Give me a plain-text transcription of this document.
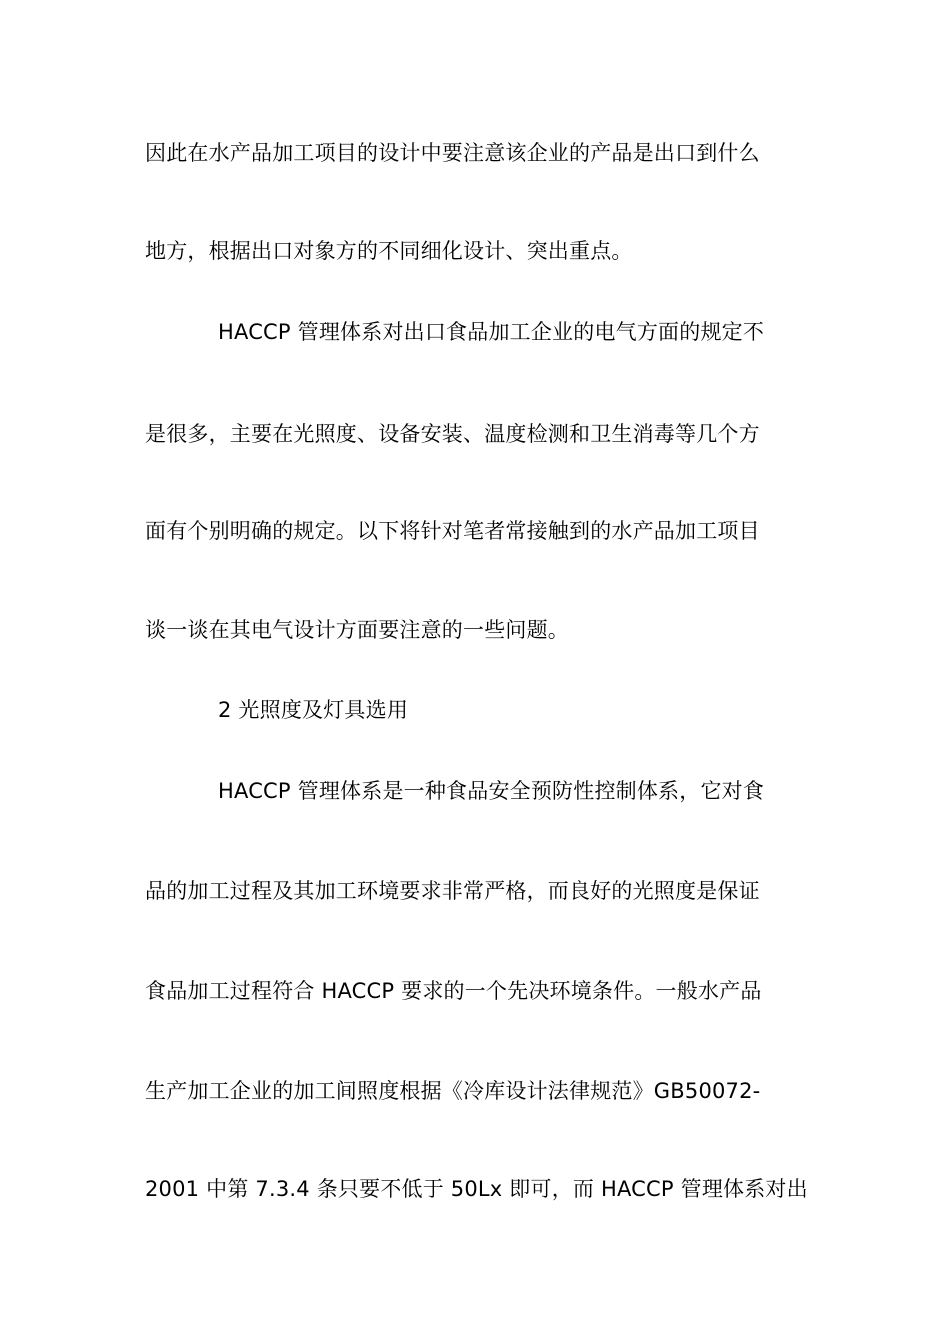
因此在水产品加工项目的设计中要注意该企业的产品是出口到什么
地方，根据出口对象方的不同细化设计、突出重点。
HACCP 管理体系对出口食品加工企业的电气方面的规定不
是很多，主要在光照度、设备安装、温度检测和卫生消毒等几个方
面有个别明确的规定。以下将针对笔者常接触到的水产品加工项目
谈一谈在其电气设计方面要注意的一些问题。
2 光照度及灯具选用
HACCP 管理体系是一种食品安全预防性控制体系，它对食
品的加工过程及其加工环境要求非常严格，而良好的光照度是保证
食品加工过程符合 HACCP 要求的一个先决环境条件。一般水产品
生产加工企业的加工间照度根据《冷库设计法律规范》GB50072-
2001 中第 7.3.4 条只要不低于 50Lx 即可，而 HACCP 管理体系对出
